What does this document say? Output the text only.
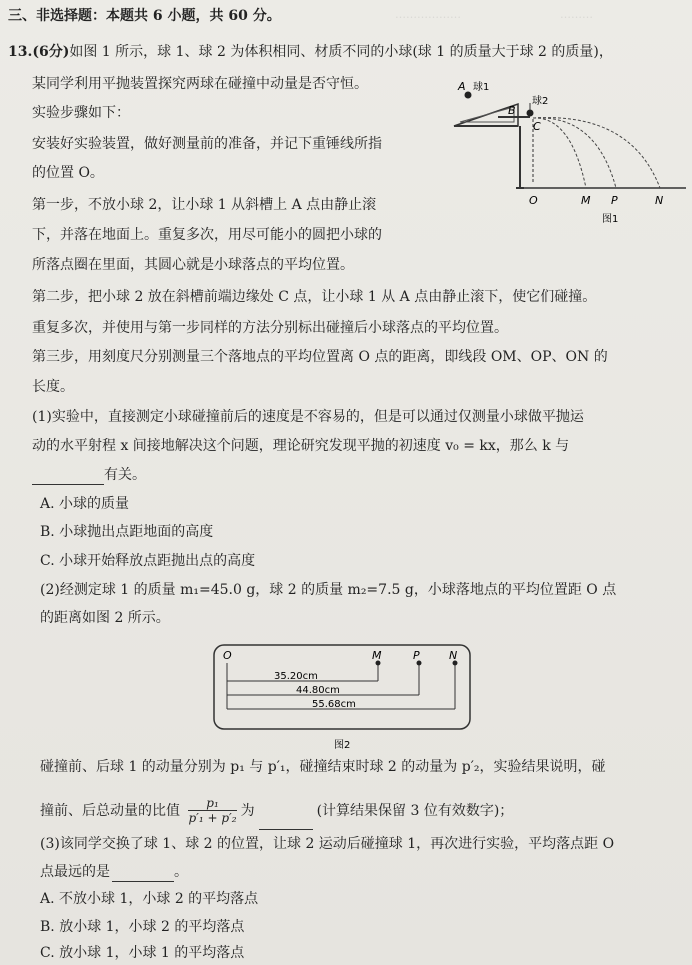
………………	………
三、非选择题：本题共 6 小题，共 60 分。
13.(6分)如图 1 所示，球 1、球 2 为体积相同、材质不同的小球(球 1 的质量大于球 2 的质量)，
某同学利用平抛装置探究两球在碰撞中动量是否守恒。
实验步骤如下：
安装好实验装置，做好测量前的准备，并记下重锤线所指
的位置 O。
第一步，不放小球 2，让小球 1 从斜槽上 A 点由静止滚
下，并落在地面上。重复多次，用尽可能小的圆把小球的
所落点圈在里面，其圆心就是小球落点的平均位置。
第二步，把小球 2 放在斜槽前端边缘处 C 点，让小球 1 从 A 点由静止滚下，使它们碰撞。
重复多次，并使用与第一步同样的方法分别标出碰撞后小球落点的平均位置。
第三步，用刻度尺分别测量三个落地点的平均位置离 O 点的距离，即线段 OM、OP、ON 的
长度。
A 球1
球2
B
C
O	M P	N
图1
(1)实验中，直接测定小球碰撞前后的速度是不容易的，但是可以通过仅测量小球做平抛运
动的水平射程 x 间接地解决这个问题，理论研究发现平抛的初速度 v₀ = kx，那么 k 与
有关。
A. 小球的质量
B. 小球抛出点距地面的高度
C. 小球开始释放点距抛出点的高度
(2)经测定球 1 的质量 m₁=45.0 g，球 2 的质量 m₂=7.5 g，小球落地点的平均位置距 O 点
的距离如图 2 所示。
O	M	P	N
35.20cm
44.80cm
55.68cm
图2
碰撞前、后球 1 的动量分别为 p₁ 与 p′₁，碰撞结束时球 2 的动量为 p′₂，实验结果说明，碰
撞前、后总动量的比值 $\frac{\text{p₁}}{\text{p′₁ + p′₂}}$ 为	(计算结果保留 3 位有效数字)；
(3)该同学交换了球 1、球 2 的位置，让球 2 运动后碰撞球 1，再次进行实验，平均落点距 O
点最远的是	。
A. 不放小球 1，小球 2 的平均落点
B. 放小球 1，小球 2 的平均落点
C. 放小球 1，小球 1 的平均落点
